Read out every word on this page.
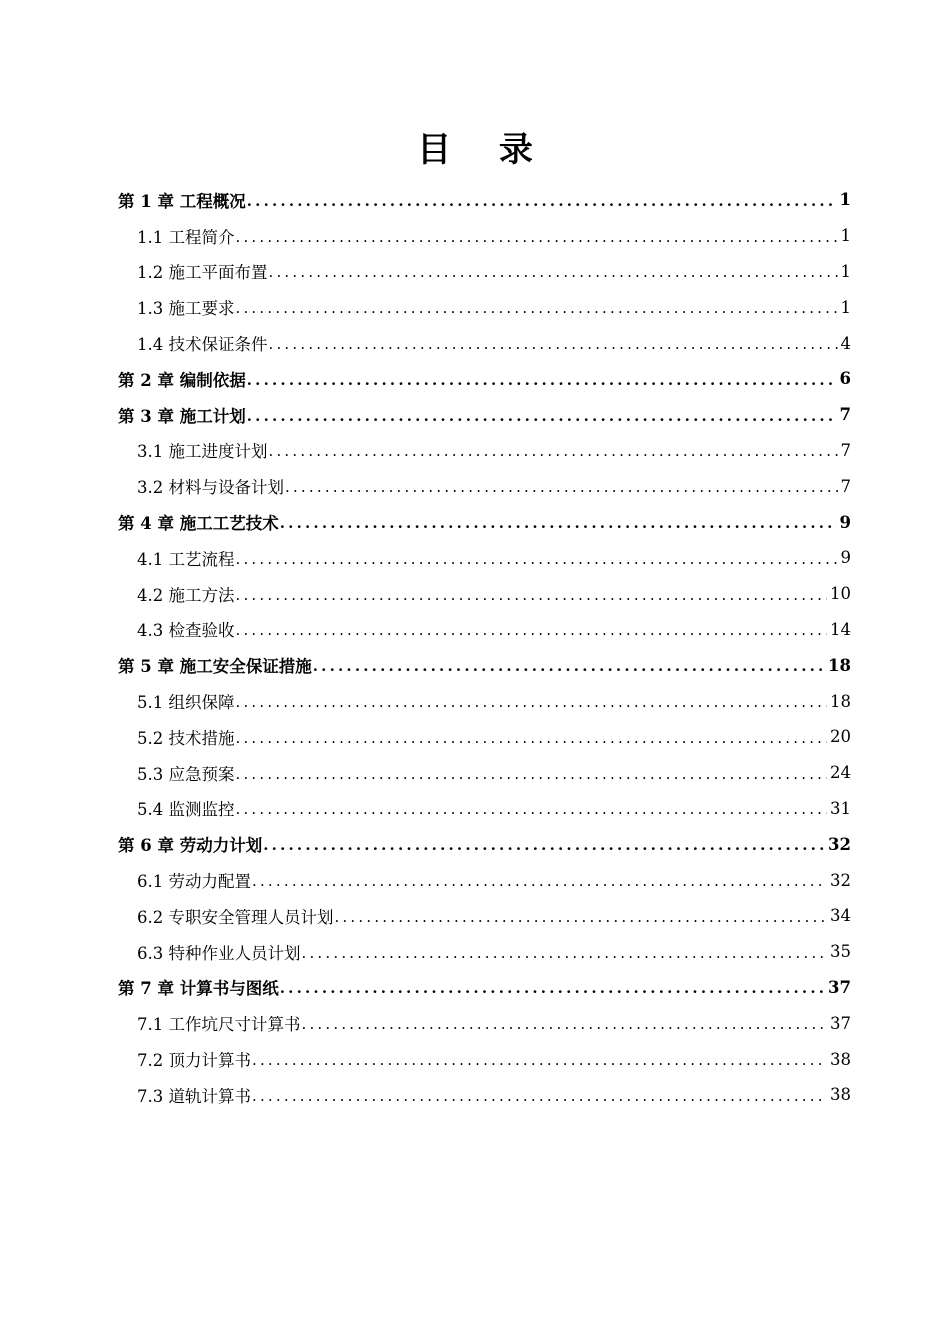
目 录
第 1 章 工程概况 .....	1
1.1 工程简介 .....	1
1.2 施工平面布置 .....	1
1.3 施工要求 .....	1
1.4 技术保证条件 .....	4
第 2 章 编制依据 .....	6
第 3 章 施工计划 .....	7
3.1 施工进度计划 .....	7
3.2 材料与设备计划 .....	7
第 4 章 施工工艺技术 .....	9
4.1 工艺流程 .....	9
4.2 施工方法 .....	10
4.3 检查验收 .....	14
第 5 章 施工安全保证措施 .....	18
5.1 组织保障 .....	18
5.2 技术措施 .....	20
5.3 应急预案 .....	24
5.4 监测监控 .....	31
第 6 章 劳动力计划 .....	32
6.1 劳动力配置 .....	32
6.2 专职安全管理人员计划 .....	34
6.3 特种作业人员计划 .....	35
第 7 章 计算书与图纸 .....	37
7.1 工作坑尺寸计算书 .....	37
7.2 顶力计算书 .....	38
7.3 道轨计算书 .....	38
